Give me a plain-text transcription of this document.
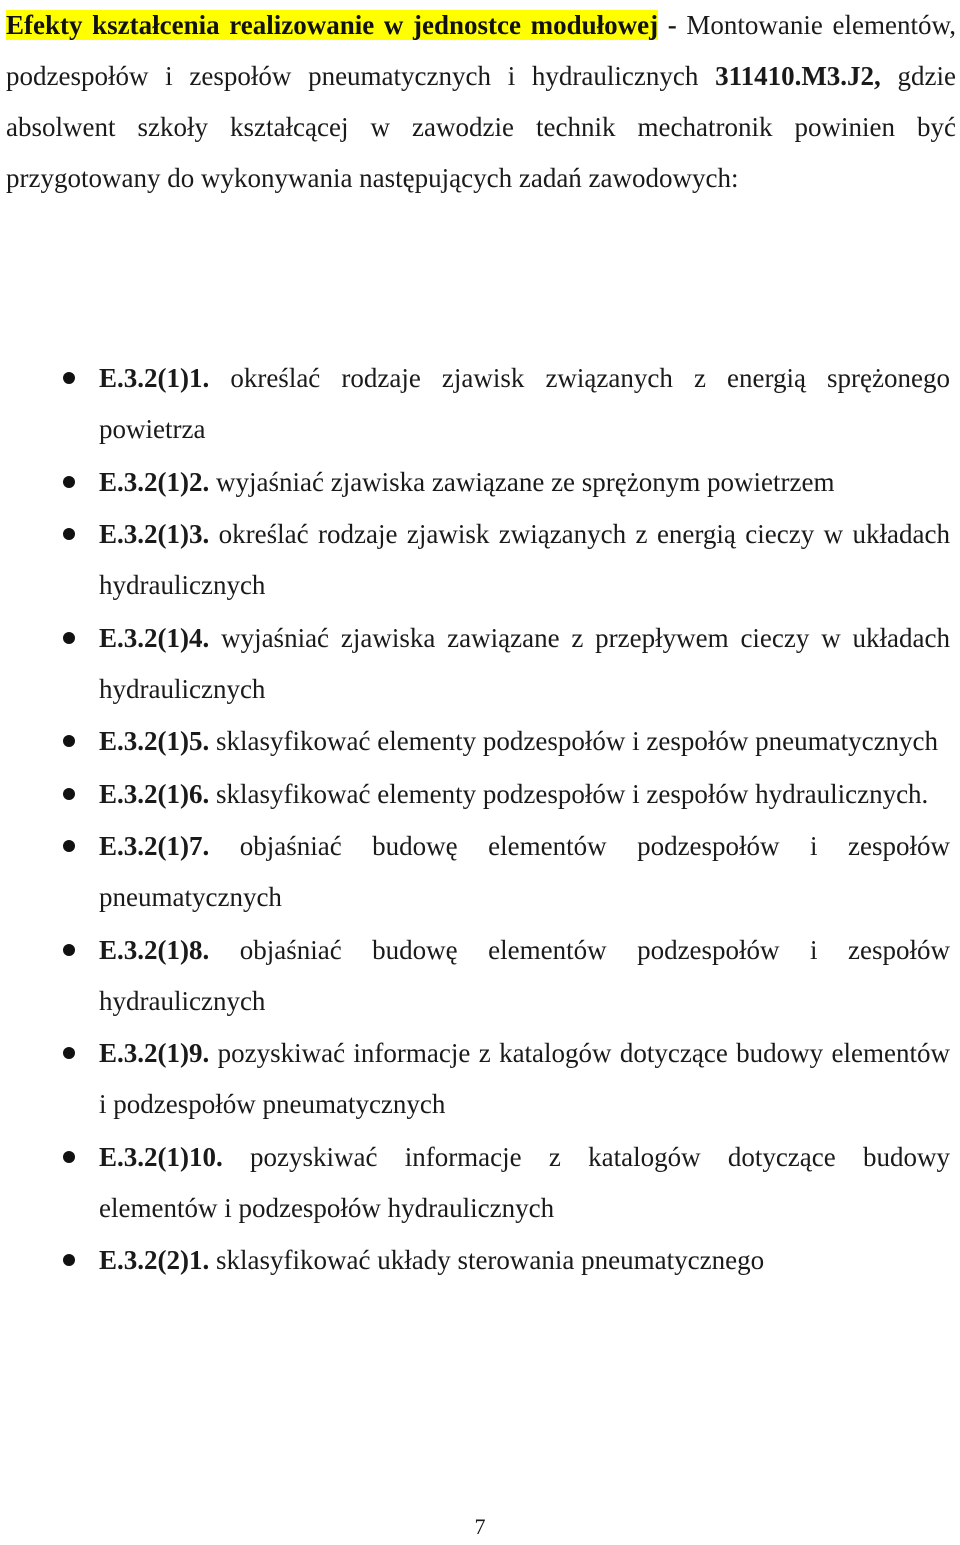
Efekty kształcenia realizowanie w jednostce modułowej - Montowanie elementów, podzespołów i zespołów pneumatycznych i hydraulicznych 311410.M3.J2, gdzie absolwent szkoły kształcącej w zawodzie technik mechatronik powinien być przygotowany do wykonywania następujących zadań zawodowych:

E.3.2(1)1. określać rodzaje zjawisk związanych z energią sprężonego powietrza
E.3.2(1)2. wyjaśniać zjawiska zawiązane ze sprężonym powietrzem
E.3.2(1)3. określać rodzaje zjawisk związanych z energią cieczy w układach hydraulicznych
E.3.2(1)4. wyjaśniać zjawiska zawiązane z przepływem cieczy w układach hydraulicznych
E.3.2(1)5. sklasyfikować elementy podzespołów i zespołów pneumatycznych
E.3.2(1)6. sklasyfikować elementy podzespołów i zespołów hydraulicznych.
E.3.2(1)7. objaśniać budowę elementów podzespołów i zespołów pneumatycznych
E.3.2(1)8. objaśniać budowę elementów podzespołów i zespołów hydraulicznych
E.3.2(1)9. pozyskiwać informacje z katalogów dotyczące budowy elementów i podzespołów pneumatycznych
E.3.2(1)10. pozyskiwać informacje z katalogów dotyczące budowy elementów i podzespołów hydraulicznych
E.3.2(2)1. sklasyfikować układy sterowania pneumatycznego
7
